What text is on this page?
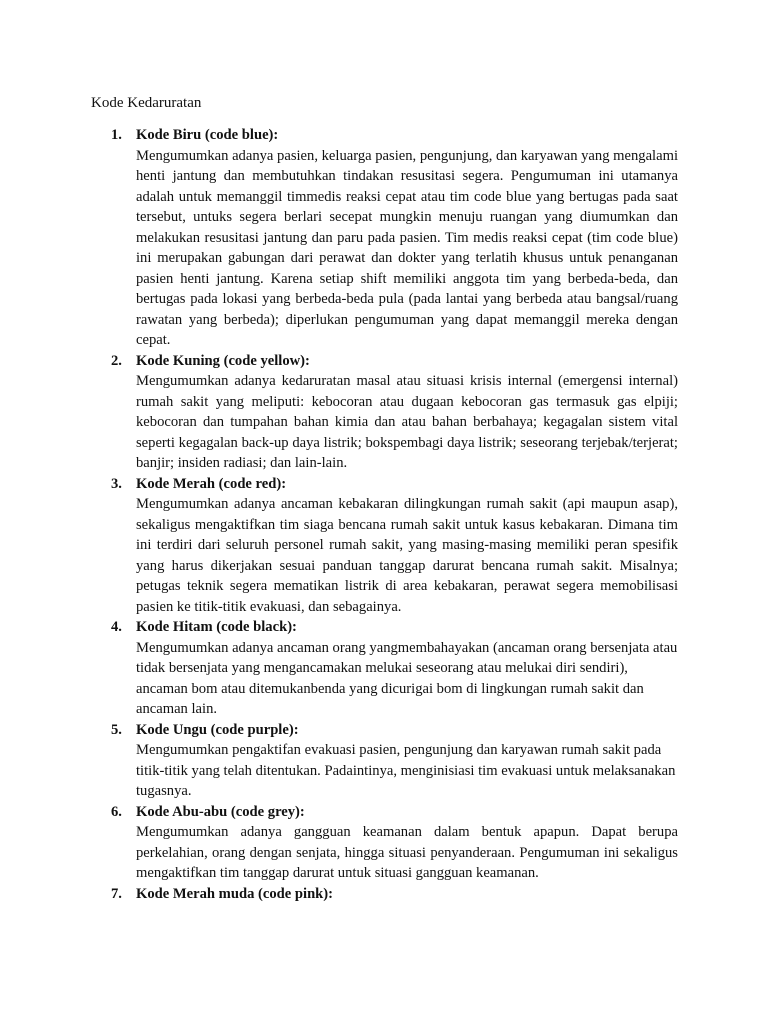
Kode Kedaruratan
1. Kode Biru (code blue):

Mengumumkan adanya pasien, keluarga pasien, pengunjung, dan karyawan yang mengalami henti jantung dan membutuhkan tindakan resusitasi segera. Pengumuman ini utamanya adalah untuk memanggil timmedis reaksi cepat atau tim code blue yang bertugas pada saat tersebut, untuks segera berlari secepat mungkin menuju ruangan yang diumumkan dan melakukan resusitasi jantung dan paru pada pasien. Tim medis reaksi cepat (tim code blue) ini merupakan gabungan dari perawat dan dokter yang terlatih khusus untuk penanganan pasien henti jantung. Karena setiap shift memiliki anggota tim yang berbeda-beda, dan bertugas pada lokasi yang berbeda-beda pula (pada lantai yang berbeda atau bangsal/ruang rawatan yang berbeda); diperlukan pengumuman yang dapat memanggil mereka dengan cepat.

2. Kode Kuning (code yellow):

Mengumumkan adanya kedaruratan masal atau situasi krisis internal (emergensi internal) rumah sakit yang meliputi: kebocoran atau dugaan kebocoran gas termasuk gas elpiji; kebocoran dan tumpahan bahan kimia dan atau bahan berbahaya; kegagalan sistem vital seperti kegagalan back-up daya listrik; bokspembagi daya listrik; seseorang terjebak/terjerat; banjir; insiden radiasi; dan lain-lain.

3. Kode Merah (code red):

Mengumumkan adanya ancaman kebakaran dilingkungan rumah sakit (api maupun asap), sekaligus mengaktifkan tim siaga bencana rumah sakit untuk kasus kebakaran. Dimana tim ini terdiri dari seluruh personel rumah sakit, yang masing-masing memiliki peran spesifik yang harus dikerjakan sesuai panduan tanggap darurat bencana rumah sakit. Misalnya; petugas teknik segera mematikan listrik di area kebakaran, perawat segera memobilisasi pasien ke titik-titik evakuasi, dan sebagainya.

4. Kode Hitam (code black):

Mengumumkan adanya ancaman orang yangmembahayakan (ancaman orang bersenjata atau tidak bersenjata yang mengancamakan melukai seseorang atau melukai diri sendiri), ancaman bom atau ditemukanbenda yang dicurigai bom di lingkungan rumah sakit dan ancaman lain.

5. Kode Ungu (code purple):

Mengumumkan pengaktifan evakuasi pasien, pengunjung dan karyawan rumah sakit pada titik-titik yang telah ditentukan. Padaintinya, menginisiasi tim evakuasi untuk melaksanakan tugasnya.

6. Kode Abu-abu (code grey):

Mengumumkan adanya gangguan keamanan dalam bentuk apapun. Dapat berupa perkelahian, orang dengan senjata, hingga situasi penyanderaan. Pengumuman ini sekaligus mengaktifkan tim tanggap darurat untuk situasi gangguan keamanan.

7. Kode Merah muda (code pink):
